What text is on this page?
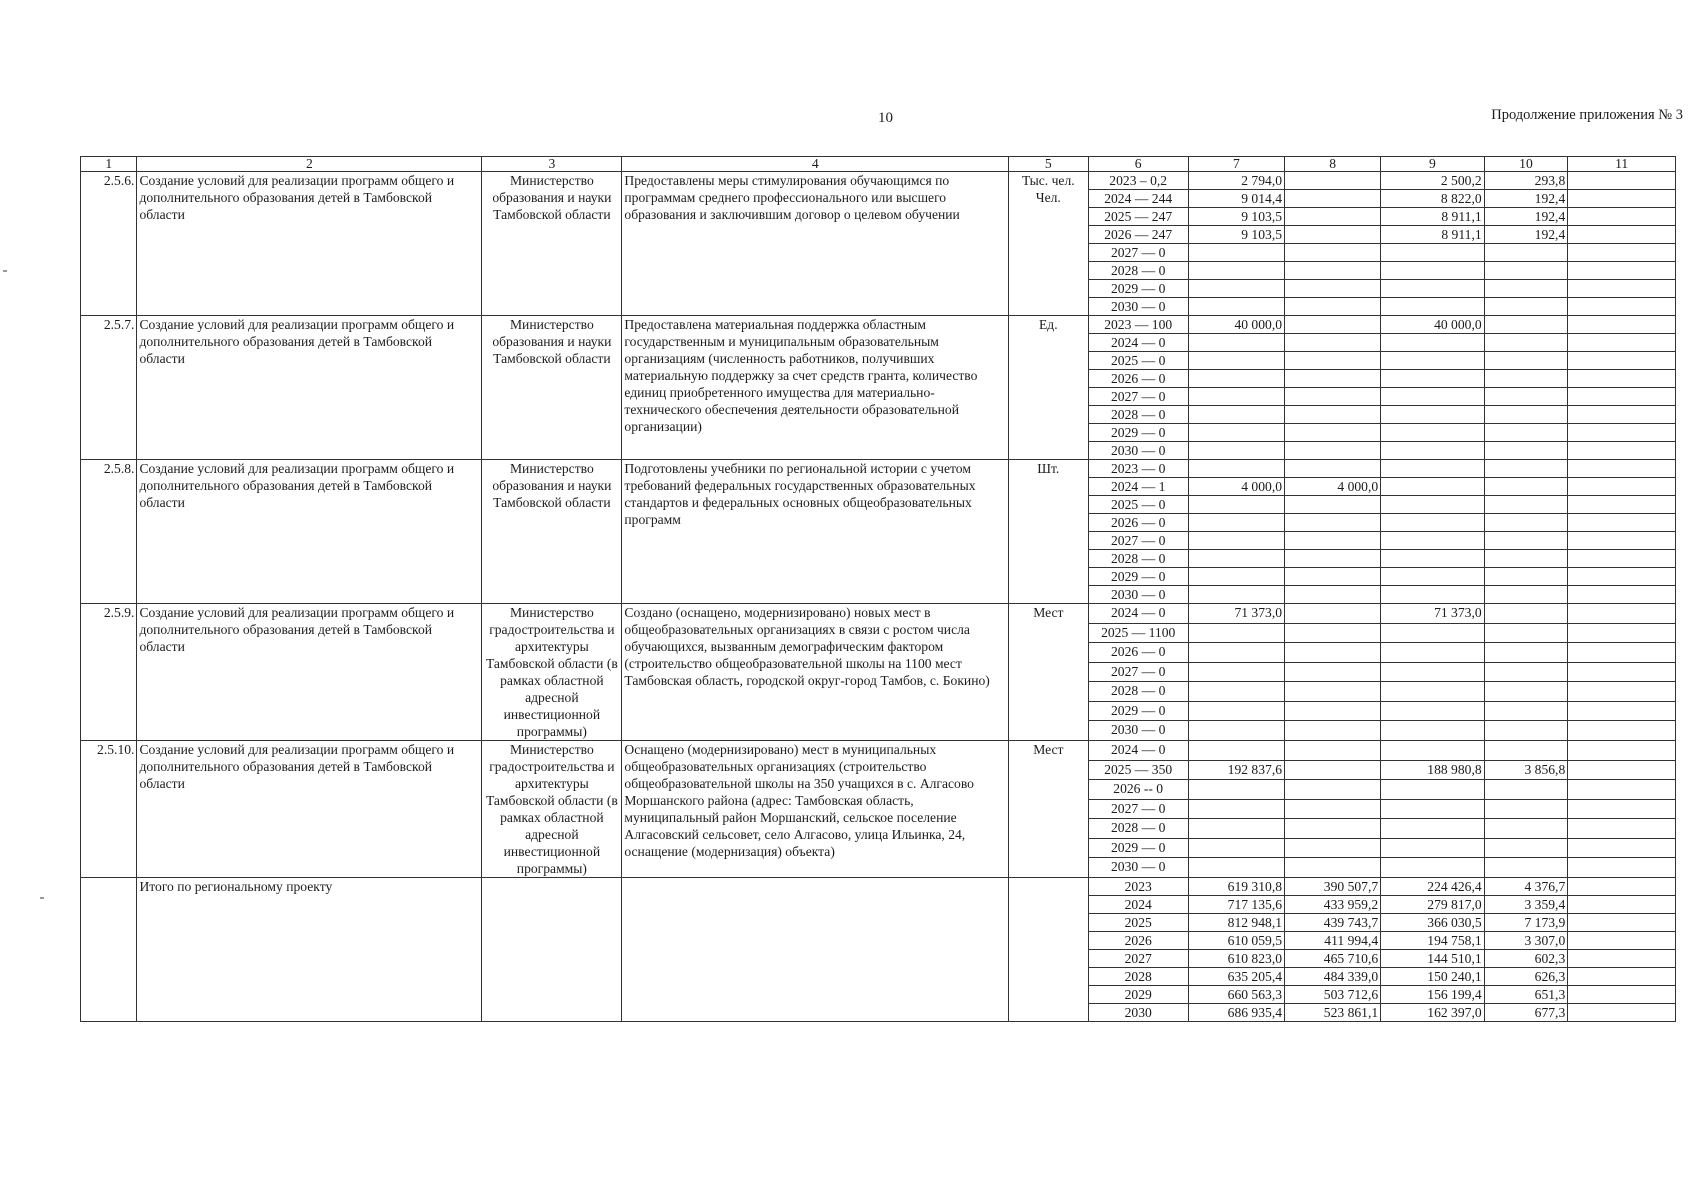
10	Продолжение приложения № 3
1	2	3	4	5	6	7	8	9	10	11
2.5.6.	Создание условий для реализации программ общего и дополнительного образования детей в Тамбовской области	Министерство образования и науки Тамбовской области	Предоставлены меры стимулирования обучающимся по программам среднего профессионального или высшего образования и заключившим договор о целевом обучении	Тыс. чел. Чел.	2023 – 0,2	2 794,0		2 500,2	293,8	
					2024 — 244	9 014,4		8 822,0	192,4	
					2025 — 247	9 103,5		8 911,1	192,4	
					2026 — 247	9 103,5		8 911,1	192,4	
					2027 — 0					
					2028 — 0					
					2029 — 0					
					2030 — 0					
2.5.7.	Создание условий для реализации программ общего и дополнительного образования детей в Тамбовской области	Министерство образования и науки Тамбовской области	Предоставлена материальная поддержка областным государственным и муниципальным образовательным организациям (численность работников, получивших материальную поддержку за счет средств гранта, количество единиц приобретенного имущества для материально-технического обеспечения деятельности образовательной организации)	Ед.	2023 — 100	40 000,0		40 000,0		
					2024 — 0					
					2025 — 0					
					2026 — 0					
					2027 — 0					
					2028 — 0					
					2029 — 0					
					2030 — 0					
2.5.8.	Создание условий для реализации программ общего и дополнительного образования детей в Тамбовской области	Министерство образования и науки Тамбовской области	Подготовлены учебники по региональной истории с учетом требований федеральных государственных образовательных стандартов и федеральных основных общеобразовательных программ	Шт.	2023 — 0					
					2024 — 1	4 000,0	4 000,0			
					2025 — 0					
					2026 — 0					
					2027 — 0					
					2028 — 0					
					2029 — 0					
					2030 — 0					
2.5.9.	Создание условий для реализации программ общего и дополнительного образования детей в Тамбовской области	Министерство градостроительства и архитектуры Тамбовской области (в рамках областной адресной инвестиционной программы)	Создано (оснащено, модернизировано) новых мест в общеобразовательных организациях в связи с ростом числа обучающихся, вызванным демографическим фактором (строительство общеобразовательной школы на 1100 мест Тамбовская область, городской округ-город Тамбов, с. Бокино)	Мест	2024 — 0	71 373,0		71 373,0		
					2025 — 1100					
					2026 — 0					
					2027 — 0					
					2028 — 0					
					2029 — 0					
					2030 — 0					
2.5.10.	Создание условий для реализации программ общего и дополнительного образования детей в Тамбовской области	Министерство градостроительства и архитектуры Тамбовской области (в рамках областной адресной инвестиционной программы)	Оснащено (модернизировано) мест в муниципальных общеобразовательных организациях (строительство общеобразовательной школы на 350 учащихся в с. Алгасово Моршанского района (адрес: Тамбовская область, муниципальный район Моршанский, сельское поселение Алгасовский сельсовет, село Алгасово, улица Ильинка, 24, оснащение (модернизация) объекта)	Мест	2024 — 0					
					2025 — 350	192 837,6		188 980,8	3 856,8	
					2026 -- 0					
					2027 — 0					
					2028 — 0					
					2029 — 0					
					2030 — 0					
	Итого по региональному проекту				2023	619 310,8	390 507,7	224 426,4	4 376,7	
					2024	717 135,6	433 959,2	279 817,0	3 359,4	
					2025	812 948,1	439 743,7	366 030,5	7 173,9	
					2026	610 059,5	411 994,4	194 758,1	3 307,0	
					2027	610 823,0	465 710,6	144 510,1	602,3	
					2028	635 205,4	484 339,0	150 240,1	626,3	
					2029	660 563,3	503 712,6	156 199,4	651,3	
					2030	686 935,4	523 861,1	162 397,0	677,3	
